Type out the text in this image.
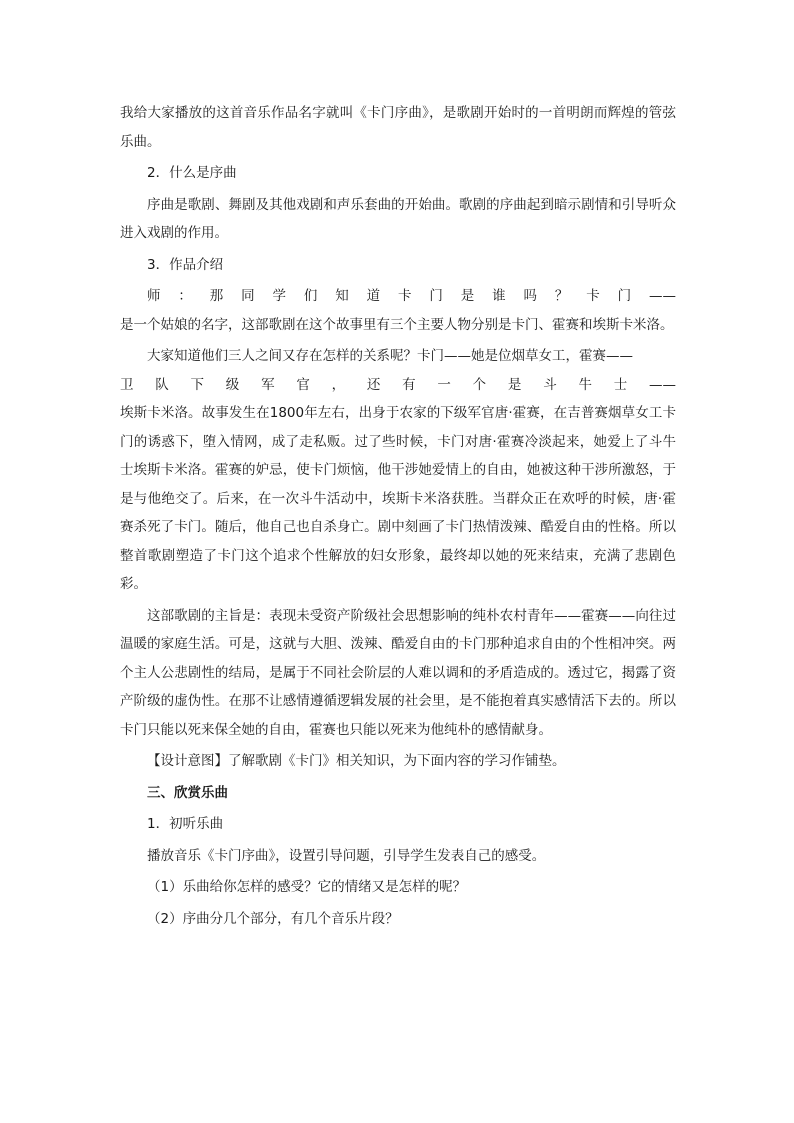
我给大家播放的这首音乐作品名字就叫《卡门序曲》，是歌剧开始时的一首明朗而辉煌的管弦乐曲。

2．什么是序曲

序曲是歌剧、舞剧及其他戏剧和声乐套曲的开始曲。歌剧的序曲起到暗示剧情和引导听众进入戏剧的作用。

3．作品介绍

师 ： 那 同 学 们 知 道 卡 门 是 谁 吗 ？ 卡 门 ——

是一个姑娘的名字，这部歌剧在这个故事里有三个主要人物分别是卡门、霍赛和埃斯卡米洛。

大家知道他们三人之间又存在怎样的关系呢？卡门——她是位烟草女工，霍赛——

卫 队 下 级 军 官 ， 还 有 一 个 是 斗 牛 士 ——

埃斯卡米洛。故事发生在1800年左右，出身于农家的下级军官唐·霍赛，在吉普赛烟草女工卡门的诱惑下，堕入情网，成了走私贩。过了些时候，卡门对唐·霍赛冷淡起来，她爱上了斗牛士埃斯卡米洛。霍赛的妒忌，使卡门烦恼，他干涉她爱情上的自由，她被这种干涉所激怒，于是与他绝交了。后来，在一次斗牛活动中，埃斯卡米洛获胜。当群众正在欢呼的时候，唐·霍赛杀死了卡门。随后，他自己也自杀身亡。剧中刻画了卡门热情泼辣、酷爱自由的性格。所以整首歌剧塑造了卡门这个追求个性解放的妇女形象，最终却以她的死来结束，充满了悲剧色彩。

这部歌剧的主旨是：表现未受资产阶级社会思想影响的纯朴农村青年——霍赛——向往过温暖的家庭生活。可是，这就与大胆、泼辣、酷爱自由的卡门那种追求自由的个性相冲突。两个主人公悲剧性的结局，是属于不同社会阶层的人难以调和的矛盾造成的。透过它，揭露了资产阶级的虚伪性。在那不让感情遵循逻辑发展的社会里，是不能抱着真实感情活下去的。所以卡门只能以死来保全她的自由，霍赛也只能以死来为他纯朴的感情献身。

【设计意图】了解歌剧《卡门》相关知识，为下面内容的学习作铺垫。

三、欣赏乐曲

1．初听乐曲

播放音乐《卡门序曲》，设置引导问题，引导学生发表自己的感受。

（1）乐曲给你怎样的感受？它的情绪又是怎样的呢？

（2）序曲分几个部分，有几个音乐片段？
